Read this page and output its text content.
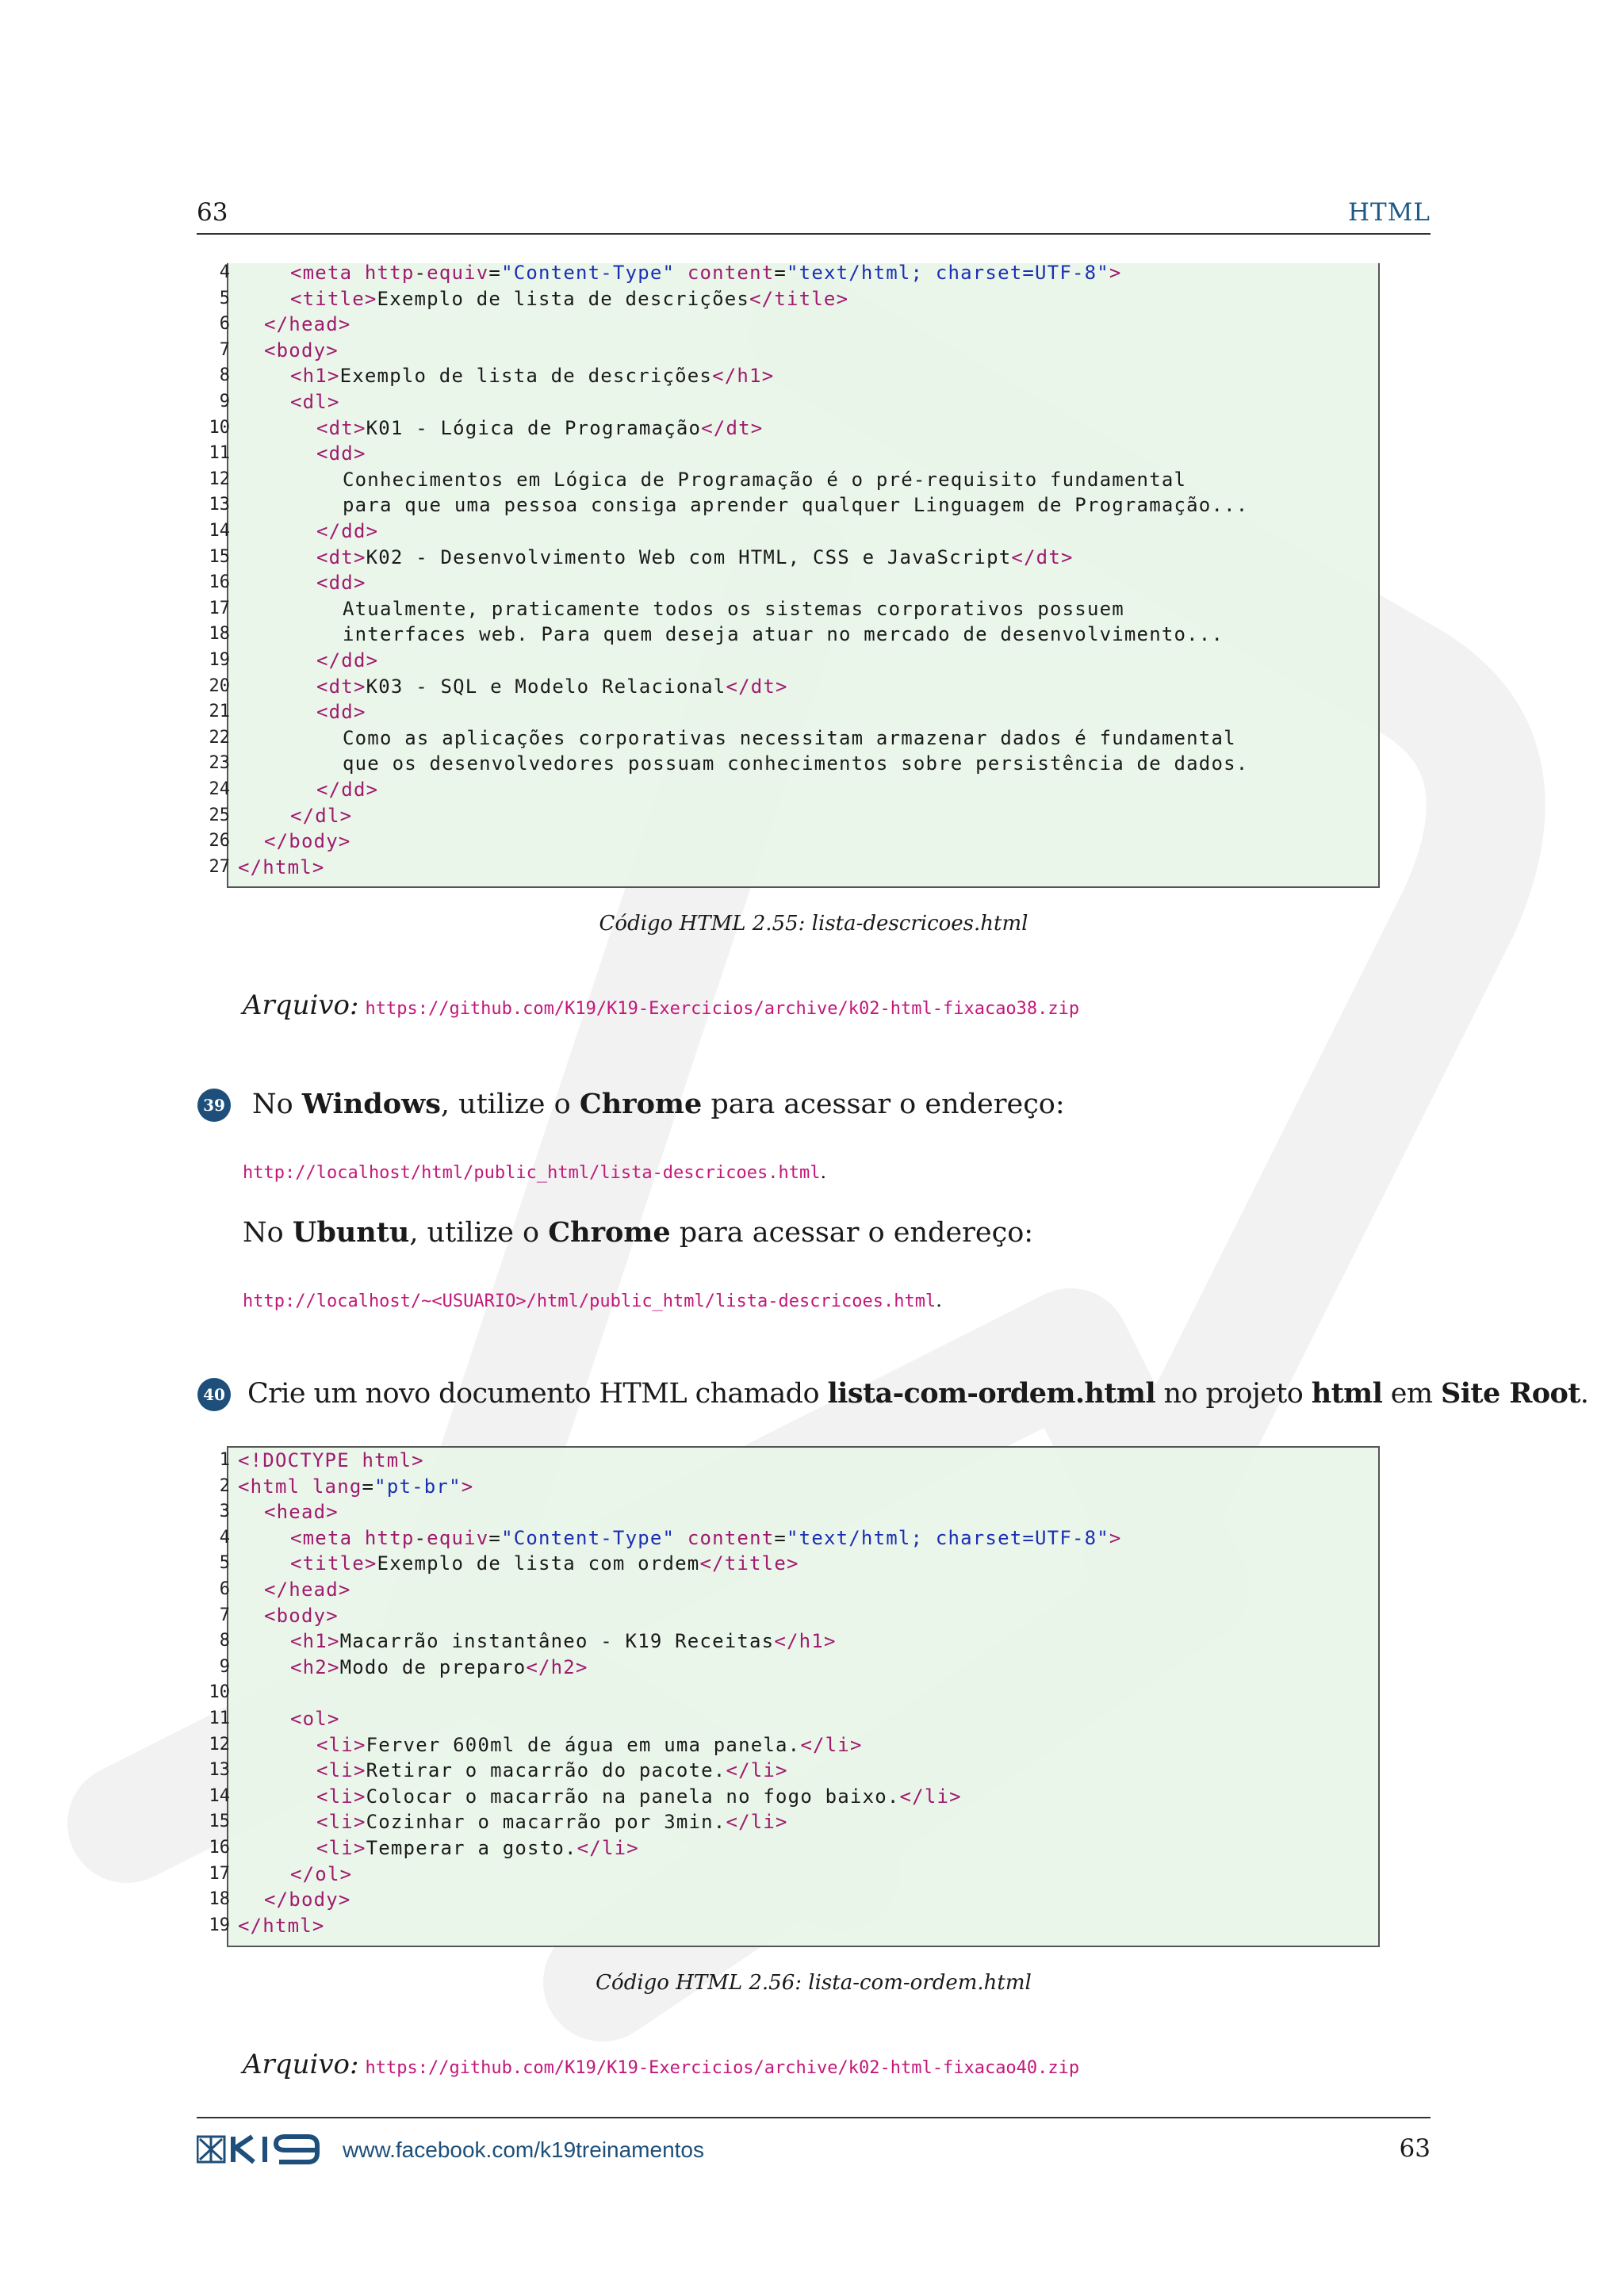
63	HTML
4	<meta http-equiv="Content-Type" content="text/html; charset=UTF-8">
5	<title>Exemplo de lista de descrições</title>
6 </head>
7 <body>
8	<h1>Exemplo de lista de descrições</h1>
9	<dl>
10	<dt>K01 - Lógica de Programação</dt>
11	<dd>
12	Conhecimentos em Lógica de Programação é o pré-requisito fundamental
13	para que uma pessoa consiga aprender qualquer Linguagem de Programação...
14	</dd>
15	<dt>K02 - Desenvolvimento Web com HTML, CSS e JavaScript</dt>
16	<dd>
17	Atualmente, praticamente todos os sistemas corporativos possuem
18	interfaces web. Para quem deseja atuar no mercado de desenvolvimento...
19	</dd>
20	<dt>K03 - SQL e Modelo Relacional</dt>
21	<dd>
22	Como as aplicações corporativas necessitam armazenar dados é fundamental
23	que os desenvolvedores possuam conhecimentos sobre persistência de dados.
24	</dd>
25	</dl>
26 </body>
27 </html>
Código HTML 2.55: lista-descricoes.html
Arquivo: https://github.com/K19/K19-Exercicios/archive/k02-html-fixacao38.zip
39 No Windows, utilize o Chrome para acessar o endereço:
http://localhost/html/public_html/lista-descricoes.html.
No Ubuntu, utilize o Chrome para acessar o endereço:
http://localhost/~<USUARIO>/html/public_html/lista-descricoes.html.
40 Crie um novo documento HTML chamado lista-com-ordem.html no projeto html em Site Root.
1 <!DOCTYPE html>
2 <html lang="pt-br">
3 <head>
4	<meta http-equiv="Content-Type" content="text/html; charset=UTF-8">
5	<title>Exemplo de lista com ordem</title>
6 </head>
7 <body>
8	<h1>Macarrão instantâneo - K19 Receitas</h1>
9	<h2>Modo de preparo</h2>
10
11	<ol>
12	<li>Ferver 600ml de água em uma panela.</li>
13	<li>Retirar o macarrão do pacote.</li>
14	<li>Colocar o macarrão na panela no fogo baixo.</li>
15	<li>Cozinhar o macarrão por 3min.</li>
16	<li>Temperar a gosto.</li>
17	</ol>
18 </body>
19 </html>
Código HTML 2.56: lista-com-ordem.html
Arquivo: https://github.com/K19/K19-Exercicios/archive/k02-html-fixacao40.zip
www.facebook.com/k19treinamentos	63
